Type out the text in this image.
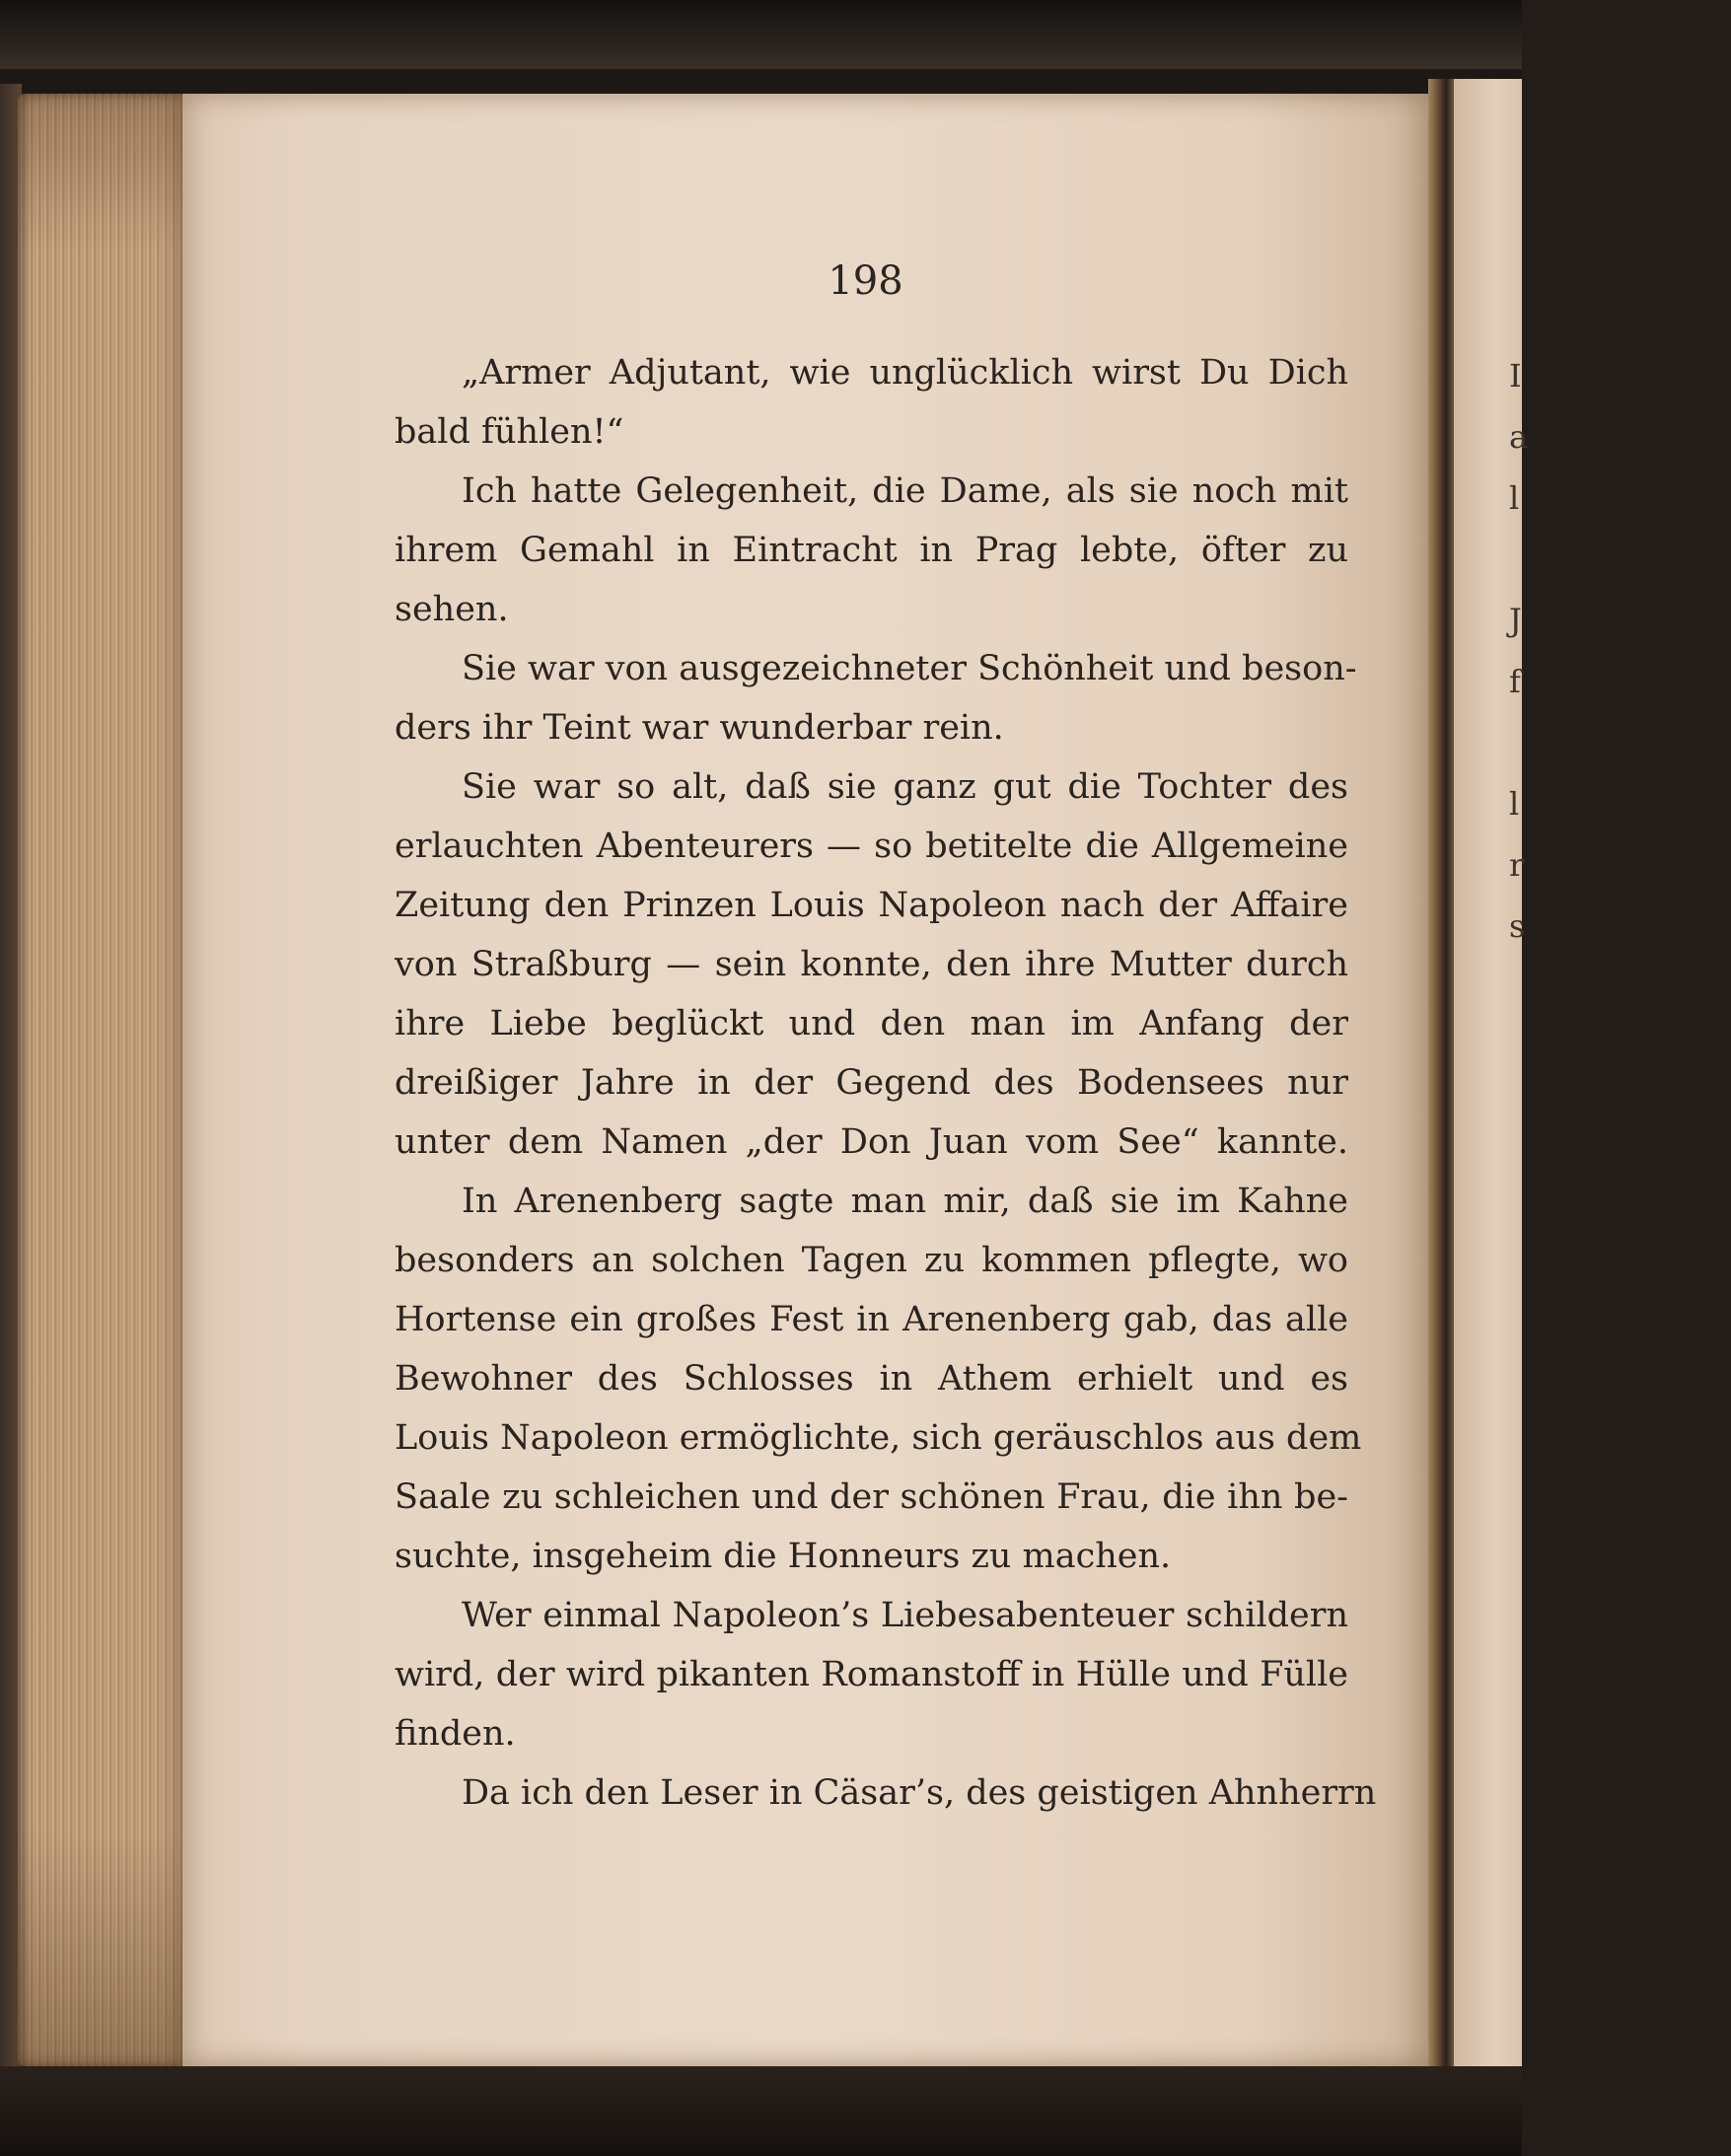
198
„Armer Adjutant, wie unglücklich wirst Du Dich
bald fühlen!“
Ich hatte Gelegenheit, die Dame, als sie noch mit
ihrem Gemahl in Eintracht in Prag lebte, öfter zu
sehen.
Sie war von ausgezeichneter Schönheit und beson-
ders ihr Teint war wunderbar rein.
Sie war so alt, daß sie ganz gut die Tochter des
erlauchten Abenteurers — so betitelte die Allgemeine
Zeitung den Prinzen Louis Napoleon nach der Affaire
von Straßburg — sein konnte, den ihre Mutter durch
ihre Liebe beglückt und den man im Anfang der
dreißiger Jahre in der Gegend des Bodensees nur
unter dem Namen „der Don Juan vom See“ kannte.
In Arenenberg sagte man mir, daß sie im Kahne
besonders an solchen Tagen zu kommen pflegte, wo
Hortense ein großes Fest in Arenenberg gab, das alle
Bewohner des Schlosses in Athem erhielt und es
Louis Napoleon ermöglichte, sich geräuschlos aus dem
Saale zu schleichen und der schönen Frau, die ihn be-
suchte, insgeheim die Honneurs zu machen.
Wer einmal Napoleon’s Liebesabenteuer schildern
wird, der wird pikanten Romanstoff in Hülle und Fülle
finden.
Da ich den Leser in Cäsar’s, des geistigen Ahnherrn
I
a
l
J
f
l
r
s
